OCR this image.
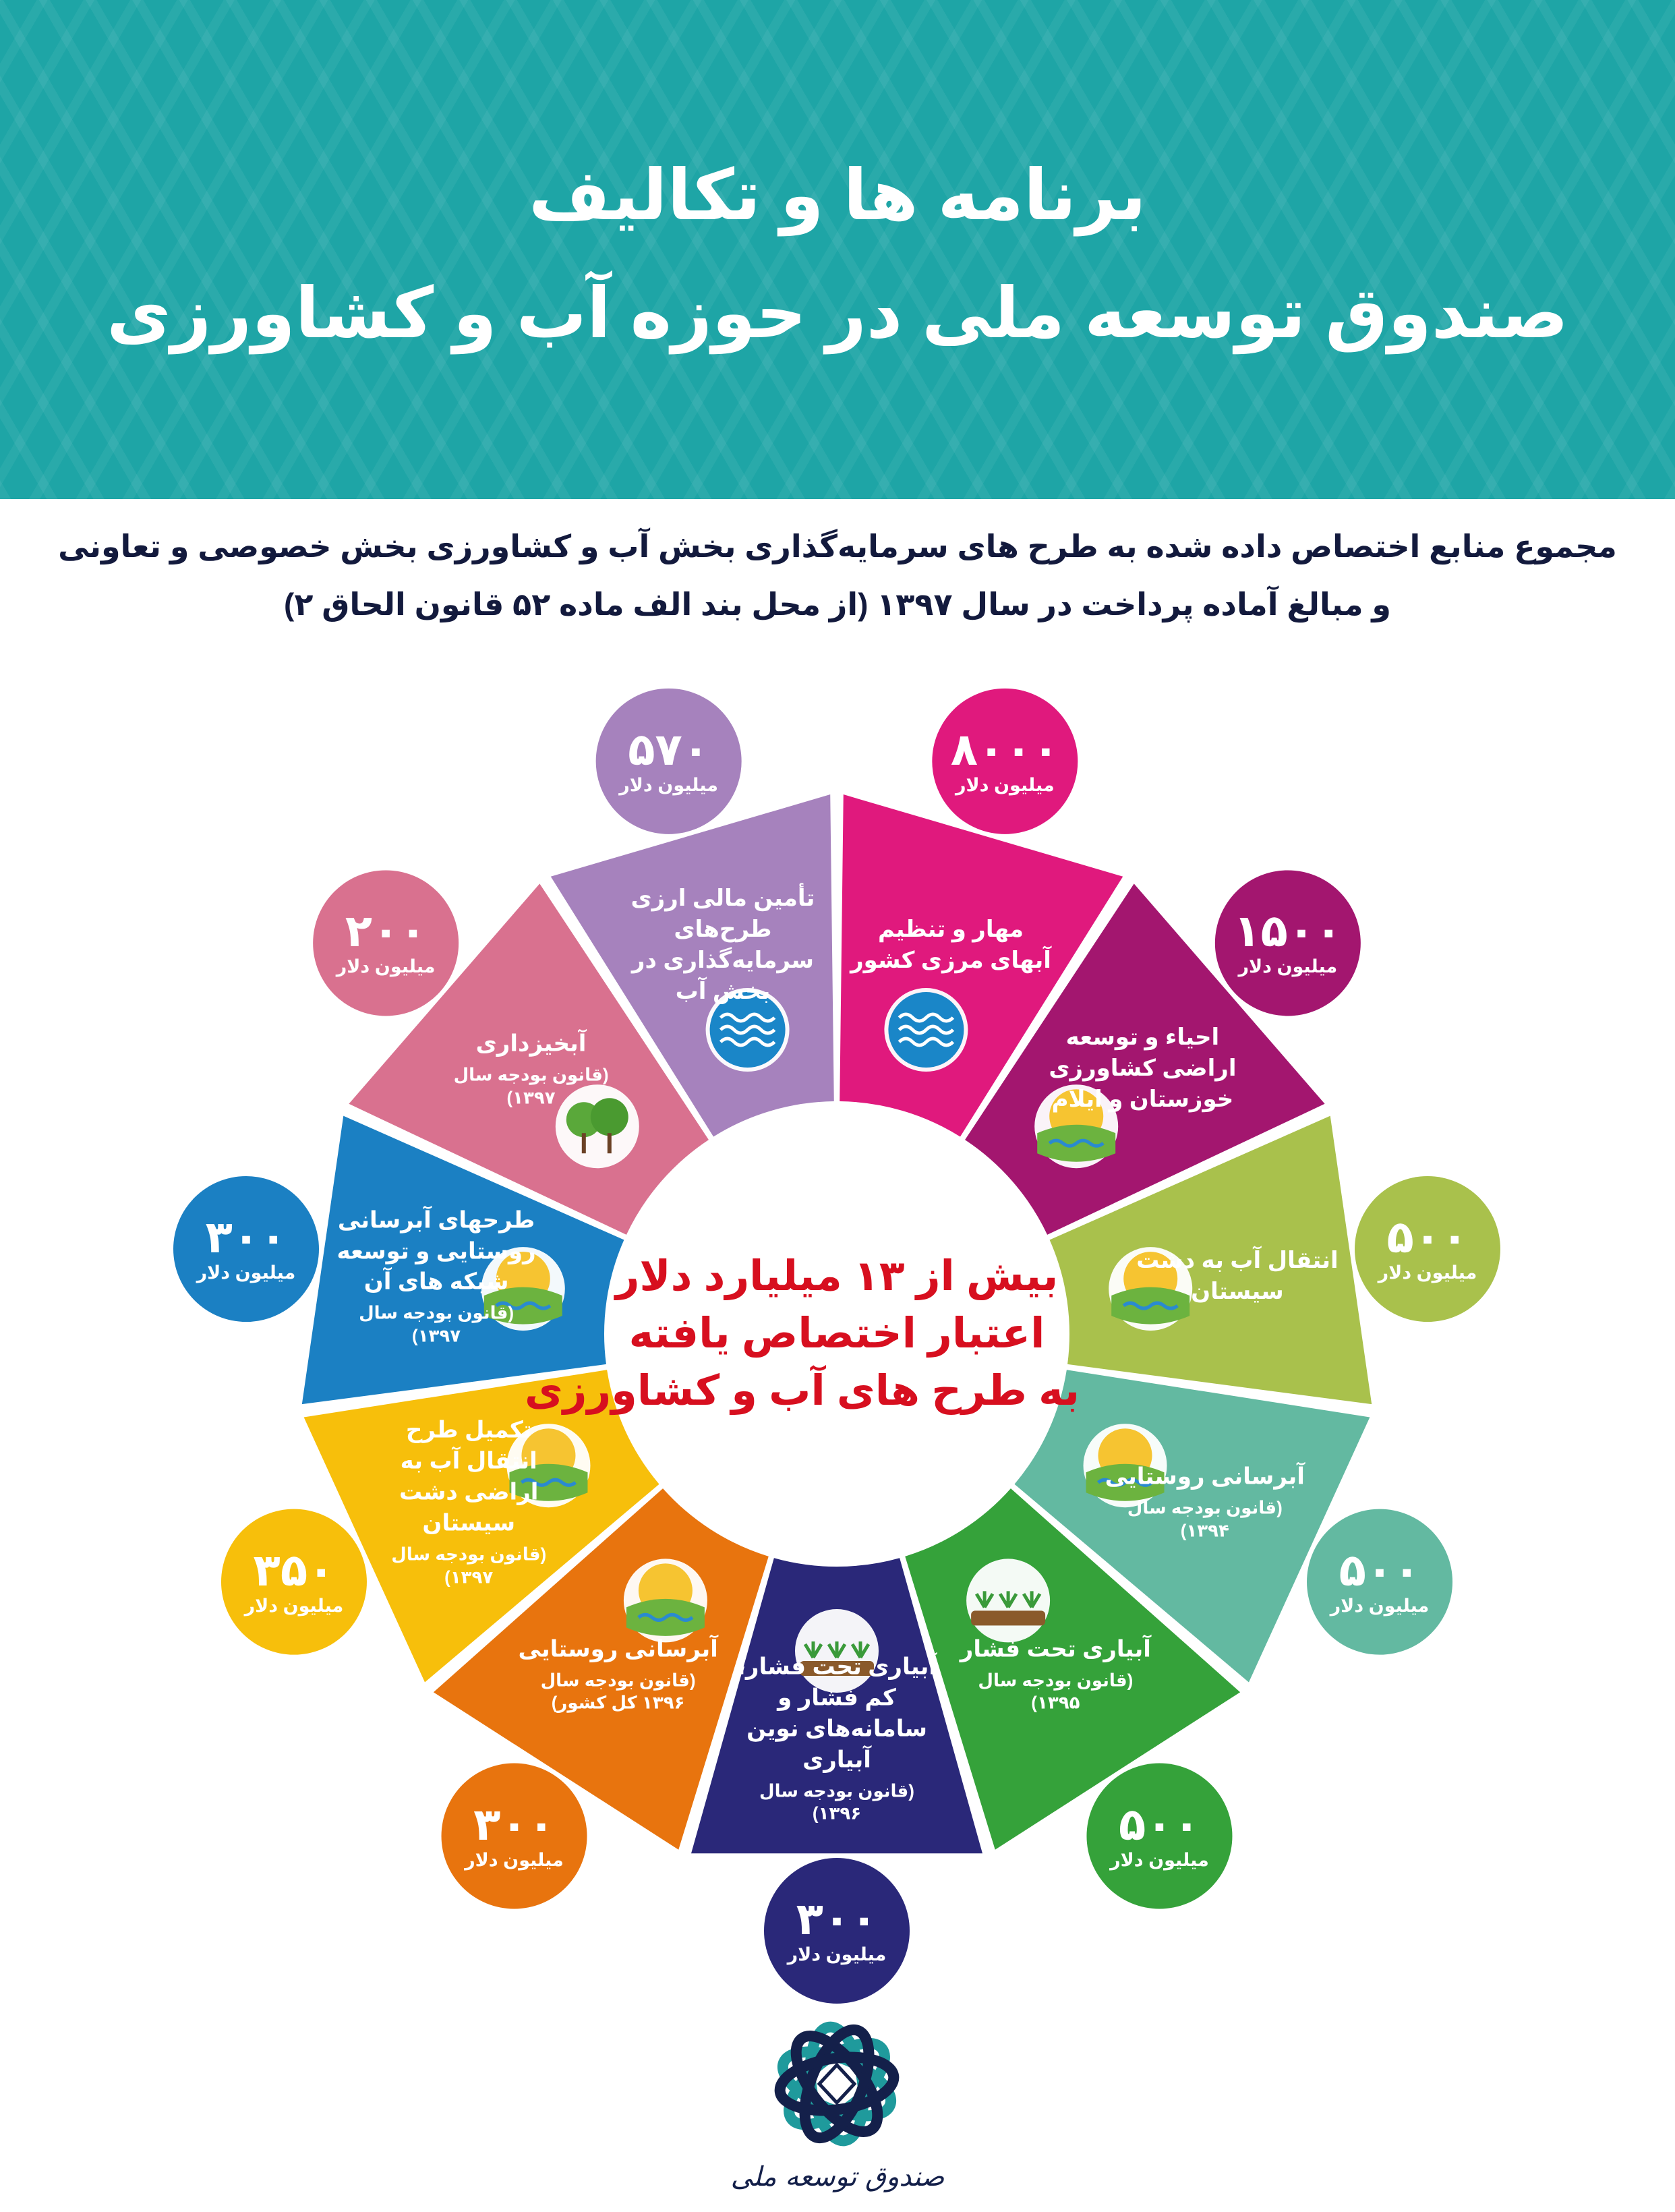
برنامه ها و تکالیف
صندوق توسعه ملی در حوزه آب و کشاورزی
مجموع منابع اختصاص داده شده به طرح های سرمایه‌گذاری بخش آب و کشاورزی بخش خصوصی و تعاونی
و مبالغ آماده پرداخت در سال ۱۳۹۷ (از محل بند الف ماده ۵۲ قانون الحاق ۲)
مهار و تنظیم آبهای مرزی کشور
۸۰۰۰
میلیون دلار
احیاء و توسعه اراضی کشاورزی خوزستان و ایلام
۱۵۰۰
میلیون دلار
انتقال آب به دشت سیستان
۵۰۰
میلیون دلار
آبرسانی روستایی
(قانون بودجه سال ۱۳۹۴)
۵۰۰
میلیون دلار
آبیاری تحت فشار
(قانون بودجه سال ۱۳۹۵)
۵۰۰
میلیون دلار
آبیاری تحت فشار، کم فشار و سامانه‌های نوین آبیاری
(قانون بودجه سال ۱۳۹۶)
۳۰۰
میلیون دلار
آبرسانی روستایی
(قانون بودجه سال ۱۳۹۶ کل کشور)
۳۰۰
میلیون دلار
تکمیل طرح انتقال آب به اراضی دشت سیستان
(قانون بودجه سال ۱۳۹۷)
۳۵۰
میلیون دلار
طرحهای آبرسانی روستایی و توسعه شبکه های آن
(قانون بودجه سال ۱۳۹۷)
۳۰۰
میلیون دلار
آبخیزداری
(قانون بودجه سال ۱۳۹۷)
۲۰۰
میلیون دلار
تأمین مالی ارزی طرح‌های سرمایه‌گذاری در بخش آب
۵۷۰
میلیون دلار
بیش از ۱۳ میلیارد دلار
اعتبار اختصاص یافته
به طرح های آب و کشاورزی
صندوق توسعه ملی
